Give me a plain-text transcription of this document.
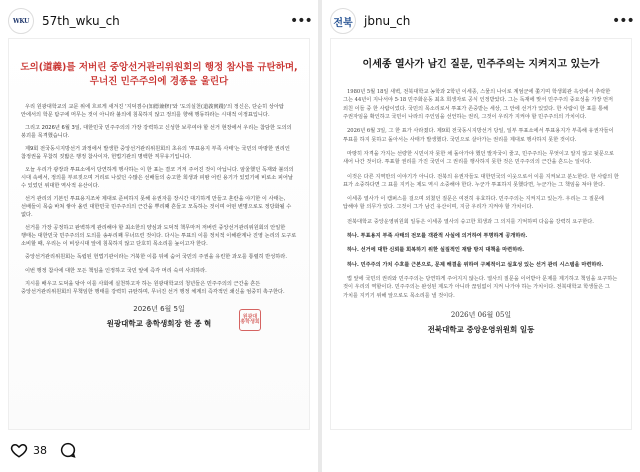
WKU 57th_wku_ch	•••
도의(道義)를 저버린 중앙선거관리위원회의 행정 참사를 규탄하며, 무너진 민주주의에 경종을 울린다

우리 원광대학교의 교문 위에 흐르게 새겨진 '지덕겸수(知德兼修)'와 '도의실천(道義實踐)'의 정신은, 단순히 상아탑 안에서의 학문 탐구에 머무는 것이 아니라 불의에 침묵하지 않고 정의를 향해 행동하라는 시대적 이정표입니다.

그리고 2026년 6월 3일, 대한민국 민주주의의 가장 강력하고 신성한 보루여야 할 선거 현장에서 우리는 참담한 도의의 붕괴를 목격했습니다.

제9회 전국동시지방선거 과정에서 발생한 중앙선거관리위원회의 초유의 '투표용지 부족 사태'는 국민의 마땅한 권리인 참정권을 무참히 짓밟은 행정 참사이자, 헌법기관의 명백한 직무유기입니다.

오늘 우리가 광장과 투표소에서 당연하게 행사하는 이 한 표는 결코 거저 주어진 것이 아닙니다. 암울했던 독재와 불의의 시대 속에서, 정의를 부르짖으며 거리로 나섰던 수많은 선배들의 숭고한 희생과 피땀 어린 용기가 있었기에 비로소 피어날 수 있었던 위대한 역사적 유산이다.

선거 관리의 기본인 투표용지조차 제대로 준비하지 못해 유권자를 장시간 대기하게 만들고 혼란을 야기한 이 사태는, 선배들이 목숨 바쳐 쌓아 올린 대한민국 민주주의의 근간을 뿌리째 흔들고 모독하는 것이며 어떤 변명으로도 정당화될 수 없다.

선거를 가장 공정하고 완벽하게 관리해야 할 최소한의 양심과 도덕적 책무마저 저버린 중앙선거관리위원회의 안일한 행태는 대한민국 민주주의의 도의를 송두리째 무너뜨린 것이다. 다시는 투표의 이를 정치적 이해관계나 진영 논리의 도구로 소비할 때, 우리는 이 비상시대 앞에 침묵하지 않고 단호히 목소리를 높이고자 한다.

중앙선거관리위원회는 독립된 헌법기관이라는 거북한 이름 뒤에 숨어 국민의 주권을 유린한 과오를 통렬히 반성하라.

이번 행정 참사에 대한 모든 책임을 인정하고 국민 앞에 즉각 머리 숙여 사죄하라.

지시를 배우고 도덕을 닦아 이를 사회에 실천하고자 하는 원광대학교의 청년들은 민주주의의 근간을 흔든 중앙선거관리위원회의 무책임한 행태를 강력히 규탄하며, 무너진 선거 행정 체계의 즉각적인 쇄신을 엄중히 촉구한다.

2026년 6월 5일
원광대학교 총학생회장 한 종 혁
원광대 총학생회
38
전북 jbnu_ch	•••
이세종 열사가 남긴 질문, 민주주의는 지켜지고 있는가

1980년 5월 18일 새벽, 전북대학교 농학과 2학년 이세종, 스물의 나이로 계엄군에 쫓기며 학생회관 옥상에서 추락한 그는 44년이 지나서야 5·18 민주화운동 최초 희생자로 공식 인정받았다. 그는 독재에 맞서 민주주의 중요성을 가장 먼저 외친 이들 중 한 사람이었다. 국민의 목소리로서 투표가 존중받는 세상, 그 안에 선거가 있었다. 한 사람이 한 표를 통해 주권자임을 확인하고 국민이 나라의 주인임을 선언하는 권리, 그것이 우리가 지켜야 할 민주주의의 가치이다.

2026년 6월 3일, 그 한 표가 사라졌다. 제9회 전국동시지방선거 당일, 일부 투표소에서 투표용지가 부족해 유권자들이 투표를 하지 못하고 돌아서는 사태가 발생했다. 국민으로 살아가는 권리를 제대로 행사하지 못한 것이다.

마땅히 자격을 가지는 선량한 시민이자 못한 채 돌아가야 했던 발자국이 줄고, 민주주의는 무엇이고 알지 않고 뒷문으로 새어 나간 것이다. 투표할 권리를 가진 국민이 그 권리를 행사하지 못한 것은 민주주의의 근간을 흔드는 일이다.

이것은 다른 지역만의 이야기가 아니다. 전북의 유권자들도 대한민국의 이웃으로서 이를 지켜보고 분노한다. 한 사람의 한 표가 소중하다면 그 표를 지키는 제도 역시 소중해야 한다. 누군가 투표하지 못했다면, 누군가는 그 책임을 져야 한다.

이세종 열사가 이 캠퍼스를 걸으며 외쳤던 질문은 여전히 유효하다. 민주주의는 지켜지고 있는가. 우리는 그 질문에 답해야 할 의무가 있다. 그것이 그가 남긴 유산이며, 지금 우리가 지켜야 할 가치이다.

전북대학교 중앙운영위원회 일동은 이세종 열사의 숭고한 희생과 그 의지를 기억하며 다음을 강력히 요구한다.

하나. 투표용지 부족 사태의 전모를 객관적 사실에 의거하여 투명하게 공개하라.

하나. 선거에 대한 신뢰를 회복하기 위한 실질적인 재발 방지 대책을 마련하라.

하나. 민주주의 가치 수호를 근본으로, 문제 해결을 위하여 구체적이고 실효성 있는 선거 관리 시스템을 마련하라.

법 앞에 국민의 권리와 민주주의는 당연하게 주어지지 않는다. 열사의 질문을 이어받아 문제를 제기하고 책임을 요구하는 것이 우리의 역할이다. 민주주의는 완성된 제도가 아니라 끊임없이 지켜 나가야 하는 가치이다. 전북대학교 학생들은 그 가치를 지키기 위해 앞으로도 목소리를 낼 것이다.

2026년 06월 05일
전북대학교 중앙운영위원회 일동
